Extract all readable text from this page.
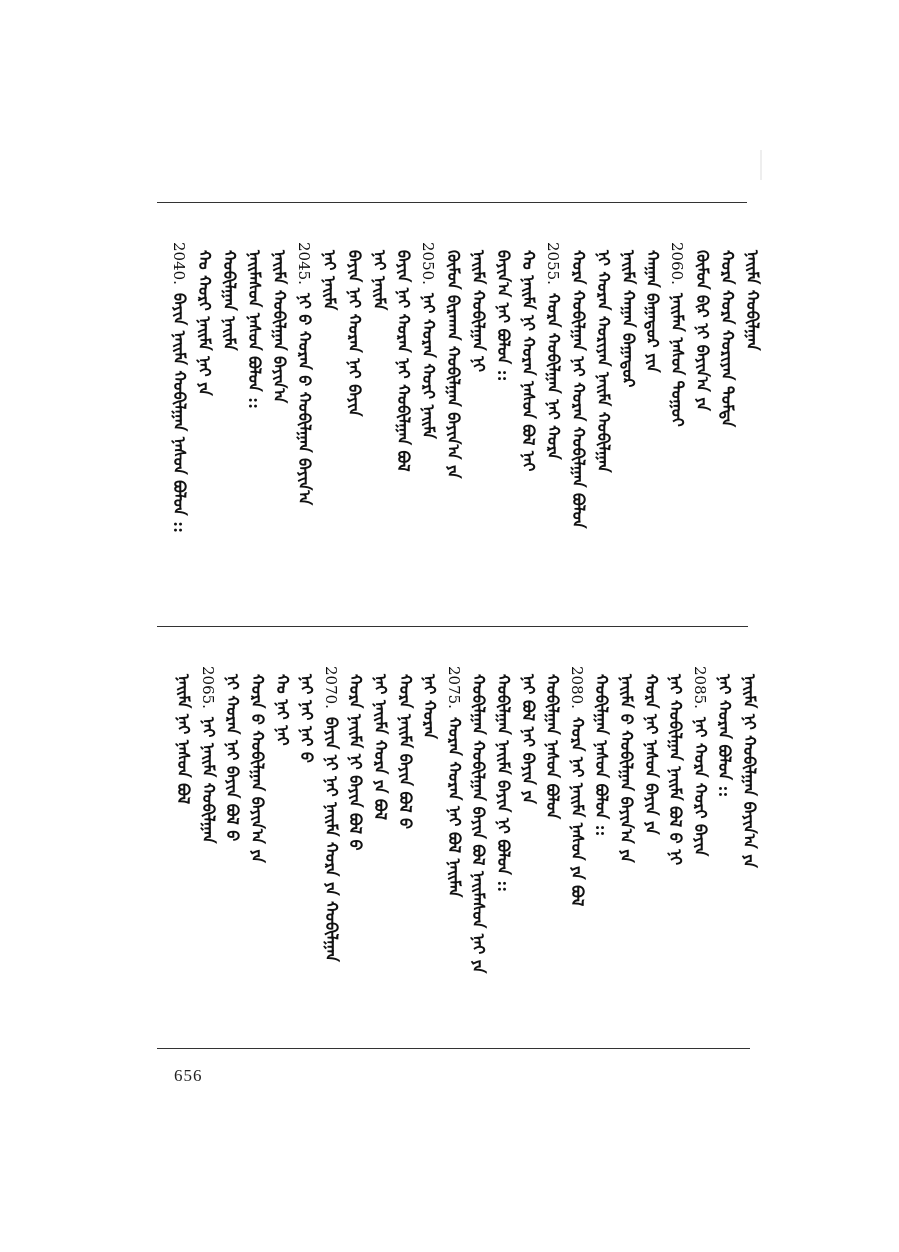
ᠨᠠᠢᠮᠠ ᠬᠤᠪᠢᠯᠭᠠᠨ
ᠬᠤᠷᠠ ᠬᠤᠷᠠ ᠬᠣᠷᠢᠶᠠᠨ ᠳᠤᠮᠳᠠ
ᠬᠦᠮᠦᠨ ᠪᠢᠷ ᠨᠢ ᠪᠠᠶᠢᠨ᠎ᠠ ᠶᠡ
2060.ᠨᠠᠢᠮᠠᠨ ᠨᠠᠰᠤᠨ ᠳᠤᠭᠤᠢ
ᠬᠠᠭᠠᠨ ᠪᠠᠭᠠᠲᠤᠷ ᠶᠢᠨ
ᠨᠠᠢᠮᠠ ᠬᠠᠭᠠᠨ ᠪᠠᠭᠠᠲᠤᠷ
ᠨᠢ ᠬᠤᠷᠠᠨ ᠬᠤᠷᠢᠶᠠᠨ ᠨᠠᠢᠮᠠ ᠬᠤᠪᠢᠯᠭᠠᠨ
ᠬᠤᠷᠠ ᠬᠤᠪᠢᠯᠭᠠᠨ ᠨᠠᠢ ᠬᠤᠷᠠᠨ ᠬᠤᠪᠢᠯᠭᠠᠨ ᠪᠣᠯᠤᠨ
2055.ᠬᠤᠷᠠ ᠬᠤᠪᠢᠯᠭᠠᠨ ᠨᠠᠢ ᠬᠤᠷᠠ
ᠬᠤ ᠨᠠᠢᠮᠠ ᠨᠢ ᠬᠤᠷᠠᠨ ᠨᠠᠰᠤᠨ ᠪᠣᠯ ᠨᠠᠢ
ᠪᠠᠶᠢᠨ᠎ᠠ ᠨᠠᠢ ᠪᠣᠯᠤᠨ ::
ᠨᠠᠢᠮᠠ ᠬᠤᠪᠢᠯᠭᠠᠨ ᠨᠢ
ᠬᠦᠮᠦᠨ ᠪᠢᠷᠠᠬᠠᠨ ᠬᠤᠪᠢᠯᠭᠠᠨ ᠪᠠᠶᠢᠨ᠎ᠠ ᠶᠡ
2050.ᠨᠠᠢ ᠬᠤᠷᠠᠨ ᠬᠣᠷᠢ ᠨᠠᠢᠮᠠ
ᠪᠠᠶᠢᠨ ᠨᠠᠢ ᠬᠤᠷᠠᠨ ᠨᠠᠢ ᠬᠤᠪᠢᠯᠭᠠᠨ ᠪᠣᠯ
ᠨᠠᠢ ᠨᠠᠢᠮᠠ
ᠪᠠᠶᠢᠨ ᠨᠠᠢ ᠬᠤᠷᠠᠨ ᠨᠠᠢ ᠪᠠᠶᠢᠨ
ᠨᠠᠢ ᠨᠠᠢᠮᠠ
2045.ᠨᠢ ᠪ ᠬᠤᠷᠠᠨ ᠪ ᠬᠤᠪᠢᠯᠭᠠᠨ ᠪᠠᠶᠢᠨ᠎ᠠ
ᠨᠠᠢᠮᠠ ᠬᠤᠪᠢᠯᠭᠠᠨ ᠪᠠᠶᠢᠨ᠎ᠠ
ᠨᠠᠢᠮᠠᠰᠤᠨ ᠨᠠᠰᠤᠨ ᠪᠣᠯᠤᠨ ::
ᠬᠤᠪᠢᠯᠭᠠᠨ ᠨᠠᠢᠮᠠ
ᠬᠤ ᠬᠣᠷᠢ ᠨᠠᠢᠮᠠ ᠨᠠᠢ ᠶᠡ
2040.ᠪᠠᠶᠢᠨ ᠨᠠᠢᠮᠠ ᠬᠤᠪᠢᠯᠭᠠᠨ ᠨᠠᠰᠤᠨ ᠪᠣᠯᠤᠨ ::
ᠨᠠᠢᠮᠠ ᠨᠢ ᠬᠤᠪᠢᠯᠭᠠᠨ ᠪᠠᠶᠢᠨ᠎ᠠ ᠶᠡ
ᠨᠠᠢ ᠬᠤᠷᠠᠨ ᠪᠣᠯᠤᠨ ::
2085.ᠨᠠᠢ ᠬᠤᠷᠠ ᠬᠣᠷᠢ ᠪᠠᠶᠢᠨ
ᠨᠠᠢ ᠬᠤᠪᠢᠯᠭᠠᠨ ᠨᠠᠢᠮᠠ ᠪᠣᠯ ᠪ ᠨᠢ
ᠬᠤᠷᠠ ᠨᠠᠢ ᠨᠠᠰᠤᠨ ᠪᠠᠶᠢᠨ ᠶᠡ
ᠨᠠᠢᠮᠠ ᠪ ᠬᠤᠪᠢᠯᠭᠠᠨ ᠪᠠᠶᠢᠨ᠎ᠠ ᠶᠡ
ᠬᠤᠪᠢᠯᠭᠠᠨ ᠨᠠᠰᠤᠨ ᠪᠣᠯᠤᠨ ::
2080.ᠬᠤᠷᠠ ᠨᠠᠢ ᠨᠠᠢᠮᠠ ᠨᠠᠰᠤᠨ ᠶᠡ ᠪᠣᠯ
ᠬᠤᠪᠢᠯᠭᠠᠨ ᠨᠠᠰᠤᠨ ᠪᠣᠯᠤᠨ
ᠨᠠᠢ ᠪᠣᠯ ᠨᠠᠢ ᠪᠠᠶᠢᠨ ᠶᠡ
ᠬᠤᠪᠢᠯᠭᠠᠨ ᠨᠠᠢᠮᠠ ᠪᠠᠶᠢᠨ ᠨᠢ ᠪᠣᠯᠤᠨ ::
ᠬᠤᠪᠢᠯᠭᠠᠨ ᠬᠤᠪᠢᠯᠭᠠᠨ ᠪᠠᠶᠢᠨ ᠪᠣᠯ ᠨᠠᠢᠮᠠᠰᠤᠨ ᠨᠠᠢ ᠶᠡ
2075.ᠬᠤᠷᠠᠨ ᠬᠤᠷᠠᠨ ᠨᠠᠢ ᠪᠣᠯ ᠨᠠᠢᠮᠠᠨ
ᠨᠠᠢ ᠬᠤᠷᠠᠨ
ᠬᠤᠷᠠ ᠨᠠᠢᠮᠠ ᠪᠠᠶᠢᠨ ᠪᠣᠯ ᠪ
ᠨᠠᠢ ᠨᠠᠢᠮᠠ ᠬᠤᠷᠠ ᠶᠡ ᠪᠣᠯ
ᠬᠤᠷᠠ ᠨᠠᠢᠮᠠ ᠨᠢ ᠪᠠᠶᠢᠨ ᠪᠣᠯ ᠪ
2070.ᠪᠠᠶᠢᠨ ᠨᠢ ᠨᠠᠢ ᠨᠠᠢᠮᠠ ᠬᠤᠷᠠ ᠶᠡ ᠬᠤᠪᠢᠯᠭᠠᠨ
ᠨᠠᠢ ᠨᠠᠢ ᠨᠠᠢ ᠪ
ᠬᠤ ᠨᠠᠢ ᠨᠠᠢ
ᠬᠤᠷᠠ ᠪ ᠬᠤᠪᠢᠯᠭᠠᠨ ᠪᠠᠶᠢᠨ᠎ᠠ ᠶᠡ
ᠨᠢ ᠬᠤᠷᠠᠨ ᠨᠠᠢ ᠪᠠᠶᠢᠨ ᠪᠣᠯ ᠪ
2065.ᠨᠠᠢ ᠨᠠᠢᠮᠠ ᠬᠤᠪᠢᠯᠭᠠᠨ
ᠨᠠᠢᠮᠠ ᠨᠠᠢ ᠨᠠᠰᠤᠨ ᠪᠣᠯ
656
